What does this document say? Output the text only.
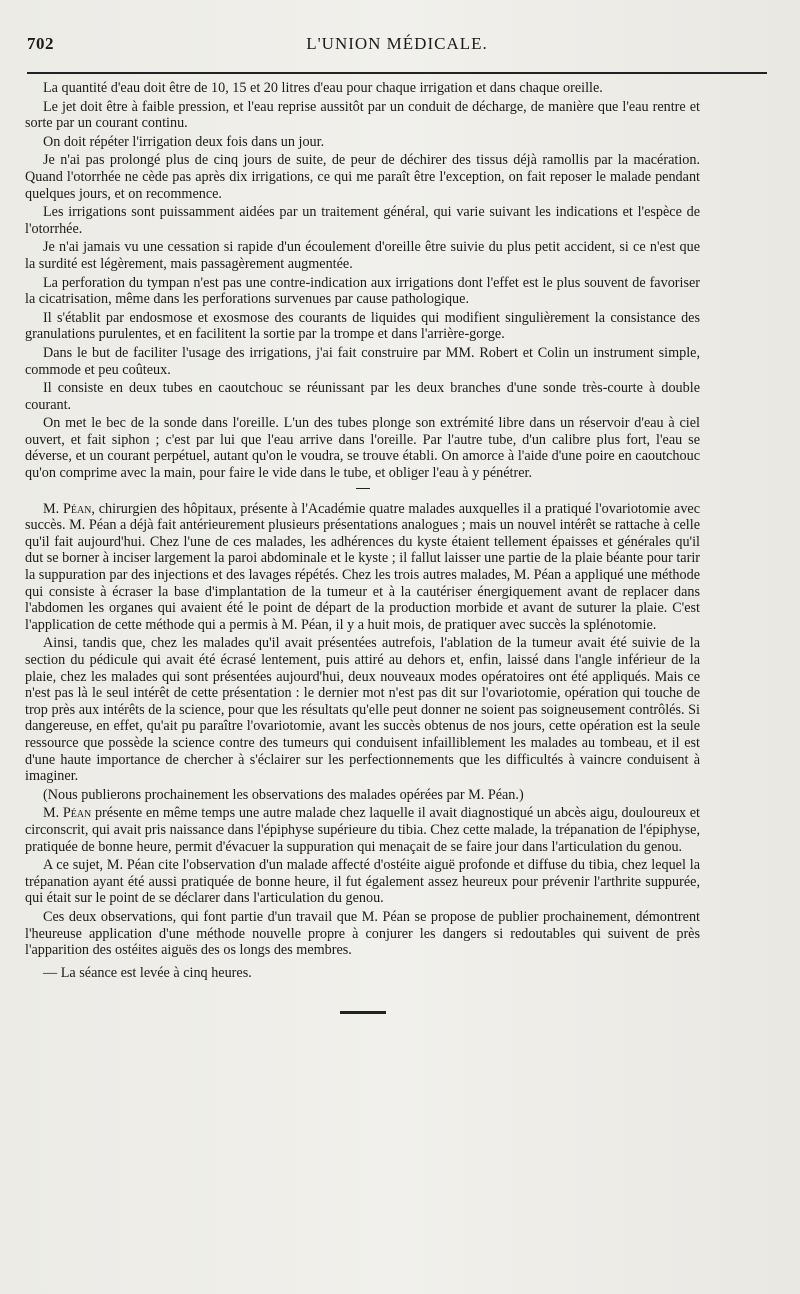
702	L'UNION MÉDICALE.

La quantité d'eau doit être de 10, 15 et 20 litres d'eau pour chaque irrigation et dans chaque oreille.

Le jet doit être à faible pression, et l'eau reprise aussitôt par un conduit de décharge, de manière que l'eau rentre et sorte par un courant continu.

On doit répéter l'irrigation deux fois dans un jour.

Je n'ai pas prolongé plus de cinq jours de suite, de peur de déchirer des tissus déjà ramollis par la macération. Quand l'otorrhée ne cède pas après dix irrigations, ce qui me paraît être l'exception, on fait reposer le malade pendant quelques jours, et on recommence.

Les irrigations sont puissamment aidées par un traitement général, qui varie suivant les indications et l'espèce de l'otorrhée.

Je n'ai jamais vu une cessation si rapide d'un écoulement d'oreille être suivie du plus petit accident, si ce n'est que la surdité est légèrement, mais passagèrement augmentée.

La perforation du tympan n'est pas une contre-indication aux irrigations dont l'effet est le plus souvent de favoriser la cicatrisation, même dans les perforations survenues par cause pathologique.

Il s'établit par endosmose et exosmose des courants de liquides qui modifient singulièrement la consistance des granulations purulentes, et en facilitent la sortie par la trompe et dans l'arrière-gorge.

Dans le but de faciliter l'usage des irrigations, j'ai fait construire par MM. Robert et Colin un instrument simple, commode et peu coûteux.

Il consiste en deux tubes en caoutchouc se réunissant par les deux branches d'une sonde très-courte à double courant.

On met le bec de la sonde dans l'oreille. L'un des tubes plonge son extrémité libre dans un réservoir d'eau à ciel ouvert, et fait siphon ; c'est par lui que l'eau arrive dans l'oreille. Par l'autre tube, d'un calibre plus fort, l'eau se déverse, et un courant perpétuel, autant qu'on le voudra, se trouve établi. On amorce à l'aide d'une poire en caoutchouc qu'on comprime avec la main, pour faire le vide dans le tube, et obliger l'eau à y pénétrer.

M. Péan, chirurgien des hôpitaux, présente à l'Académie quatre malades auxquelles il a pratiqué l'ovariotomie avec succès. M. Péan a déjà fait antérieurement plusieurs présentations analogues ; mais un nouvel intérêt se rattache à celle qu'il fait aujourd'hui. Chez l'une de ces malades, les adhérences du kyste étaient tellement épaisses et générales qu'il dut se borner à inciser largement la paroi abdominale et le kyste ; il fallut laisser une partie de la plaie béante pour tarir la suppuration par des injections et des lavages répétés. Chez les trois autres malades, M. Péan a appliqué une méthode qui consiste à écraser la base d'implantation de la tumeur et à la cautériser énergiquement avant de replacer dans l'abdomen les organes qui avaient été le point de départ de la production morbide et avant de suturer la plaie. C'est l'application de cette méthode qui a permis à M. Péan, il y a huit mois, de pratiquer avec succès la splénotomie.

Ainsi, tandis que, chez les malades qu'il avait présentées autrefois, l'ablation de la tumeur avait été suivie de la section du pédicule qui avait été écrasé lentement, puis attiré au dehors et, enfin, laissé dans l'angle inférieur de la plaie, chez les malades qui sont présentées aujourd'hui, deux nouveaux modes opératoires ont été appliqués. Mais ce n'est pas là le seul intérêt de cette présentation : le dernier mot n'est pas dit sur l'ovariotomie, opération qui touche de trop près aux intérêts de la science, pour que les résultats qu'elle peut donner ne soient pas soigneusement contrôlés. Si dangereuse, en effet, qu'ait pu paraître l'ovariotomie, avant les succès obtenus de nos jours, cette opération est la seule ressource que possède la science contre des tumeurs qui conduisent infailliblement les malades au tombeau, et il est d'une haute importance de chercher à s'éclairer sur les perfectionnements que les difficultés à vaincre conduisent à imaginer.

(Nous publierons prochainement les observations des malades opérées par M. Péan.)

M. Péan présente en même temps une autre malade chez laquelle il avait diagnostiqué un abcès aigu, douloureux et circonscrit, qui avait pris naissance dans l'épiphyse supérieure du tibia. Chez cette malade, la trépanation de l'épiphyse, pratiquée de bonne heure, permit d'évacuer la suppuration qui menaçait de se faire jour dans l'articulation du genou.

A ce sujet, M. Péan cite l'observation d'un malade affecté d'ostéite aiguë profonde et diffuse du tibia, chez lequel la trépanation ayant été aussi pratiquée de bonne heure, il fut également assez heureux pour prévenir l'arthrite suppurée, qui était sur le point de se déclarer dans l'articulation du genou.

Ces deux observations, qui font partie d'un travail que M. Péan se propose de publier prochainement, démontrent l'heureuse application d'une méthode nouvelle propre à conjurer les dangers si redoutables qui suivent de près l'apparition des ostéites aiguës des os longs des membres.

— La séance est levée à cinq heures.
